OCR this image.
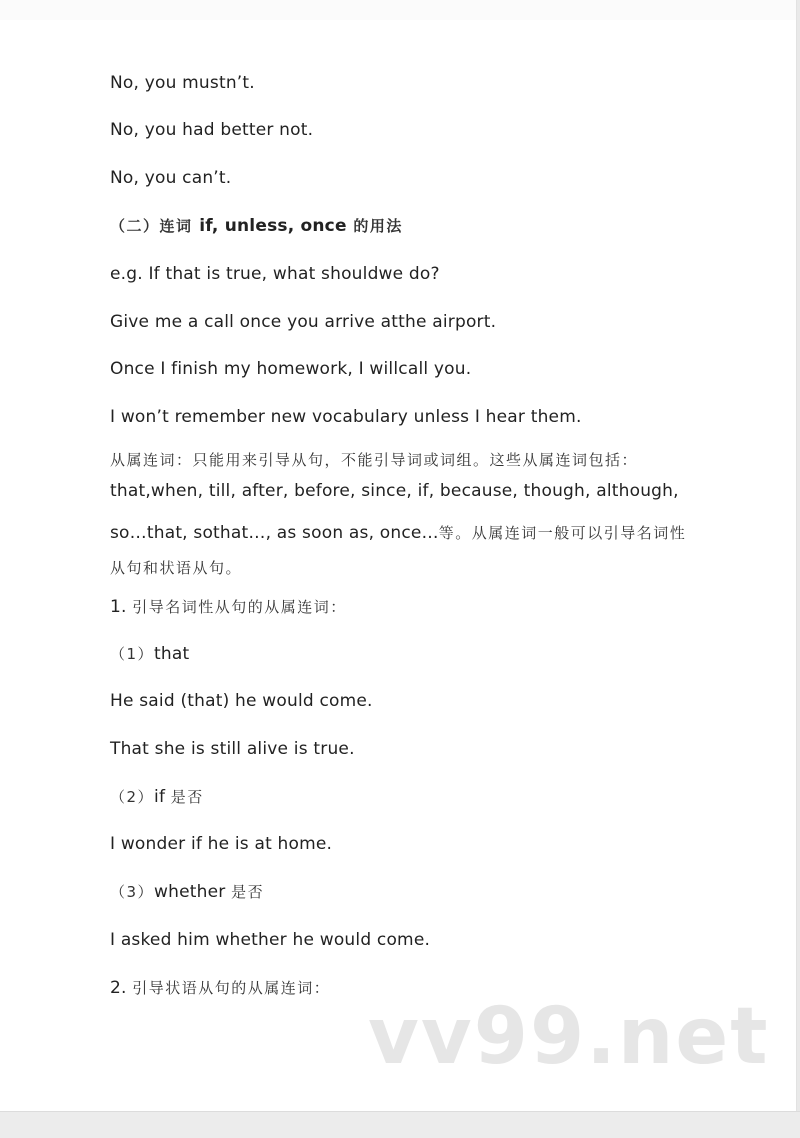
No, you mustn’t.
No, you had better not.
No, you can’t.
（二）连词 if, unless, once 的用法
e.g. If that is true, what shouldwe do?
Give me a call once you arrive atthe airport.
Once I finish my homework, I willcall you.
I won’t remember new vocabulary unless I hear them.
从属连词：只能用来引导从句，不能引导词或词组。这些从属连词包括：
that,when, till, after, before, since, if, because, though, although,
so…that, sothat…, as soon as, once…等。从属连词一般可以引导名词性
从句和状语从句。
1. 引导名词性从句的从属连词：
（1）that
He said (that) he would come.
That she is still alive is true.
（2）if 是否
I wonder if he is at home.
（3）whether 是否
I asked him whether he would come.
2. 引导状语从句的从属连词：
vv99.net
